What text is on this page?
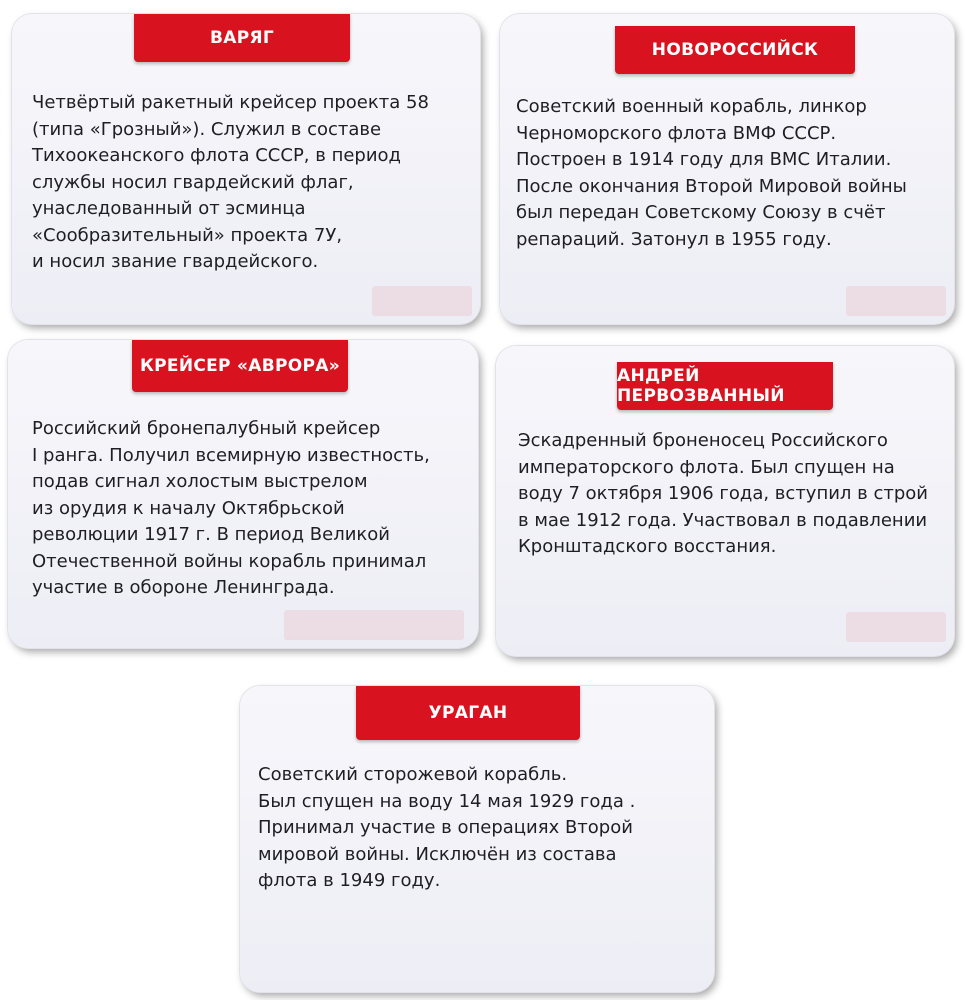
ВАРЯГ

Четвёртый ракетный крейсер проекта 58
(типа «Грозный»). Служил в составе
Тихоокеанского флота СССР, в период
службы носил гвардейский флаг,
унаследованный от эсминца
«Сообразительный» проекта 7У,
и носил звание гвардейского.

НОВОРОССИЙСК

Советский военный корабль, линкор
Черноморского флота ВМФ СССР.
Построен в 1914 году для ВМС Италии.
После окончания Второй Мировой войны
был передан Советскому Союзу в счёт
репараций. Затонул в 1955 году.

КРЕЙСЕР «АВРОРА»

Российский бронепалубный крейсер
I ранга. Получил всемирную известность,
подав сигнал холостым выстрелом
из орудия к началу Октябрьской
революции 1917 г. В период Великой
Отечественной войны корабль принимал
участие в обороне Ленинграда.

АНДРЕЙ ПЕРВОЗВАННЫЙ

Эскадренный броненосец Российского
императорского флота. Был спущен на
воду 7 октября 1906 года, вступил в строй
в мае 1912 года. Участвовал в подавлении
Кронштадского восстания.

УРАГАН

Советский сторожевой корабль.
Был спущен на воду 14 мая 1929 года .
Принимал участие в операциях Второй
мировой войны. Исключён из состава
флота в 1949 году.
